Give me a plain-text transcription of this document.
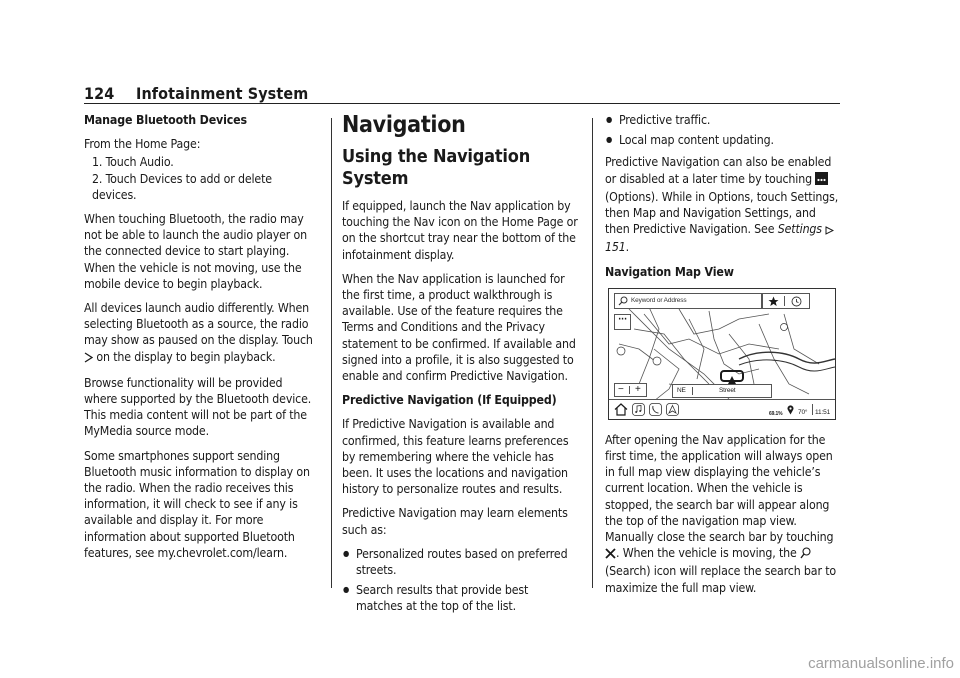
124 Infotainment System

Manage Bluetooth Devices

From the Home Page:

1. Touch Audio.
2. Touch Devices to add or delete devices.

When touching Bluetooth, the radio may not be able to launch the audio player on the connected device to start playing. When the vehicle is not moving, use the mobile device to begin playback.

All devices launch audio differently. When selecting Bluetooth as a source, the radio may show as paused on the display. Touch
on the display to begin playback.

Browse functionality will be provided where supported by the Bluetooth device. This media content will not be part of the MyMedia source mode.

Some smartphones support sending Bluetooth music information to display on the radio. When the radio receives this information, it will check to see if any is available and display it. For more information about supported Bluetooth features, see my.chevrolet.com/learn.

Navigation
Using the Navigation System

If equipped, launch the Nav application by touching the Nav icon on the Home Page or on the shortcut tray near the bottom of the infotainment display.

When the Nav application is launched for the first time, a product walkthrough is available. Use of the feature requires the Terms and Conditions and the Privacy statement to be confirmed. If available and signed into a profile, it is also suggested to enable and confirm Predictive Navigation.

Predictive Navigation (If Equipped)

If Predictive Navigation is available and confirmed, this feature learns preferences by remembering where the vehicle has been. It uses the locations and navigation history to personalize routes and results.

Predictive Navigation may learn elements such as:

● Personalized routes based on preferred streets.
● Search results that provide best matches at the top of the list.
● Predictive traffic.
● Local map content updating.

Predictive Navigation can also be enabled or disabled at a later time by touching
(Options). While in Options, touch Settings, then Map and Navigation Settings, and then Predictive Navigation. See Settings  151.

Navigation Map View

Keyword or Address
···
− +	NE	Street
69.1% 70° 11:51

After opening the Nav application for the first time, the application will always open in full map view displaying the vehicle’s current location. When the vehicle is stopped, the search bar will appear along the top of the navigation map view. Manually close the search bar by touching
. When the vehicle is moving, the
(Search) icon will replace the search bar to maximize the full map view.

carmanualsonline.info
